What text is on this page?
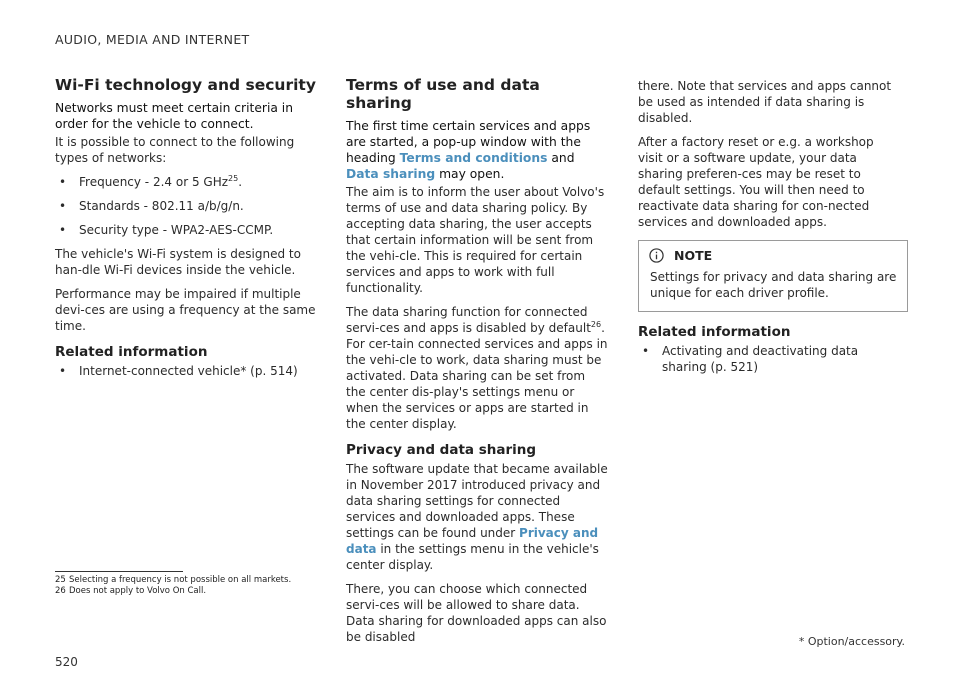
AUDIO, MEDIA AND INTERNET
Wi-Fi technology and security

Networks must meet certain criteria in order for the vehicle to connect.

It is possible to connect to the following types of networks:

• Frequency - 2.4 or 5 GHz$^{25}$.
• Standards - 802.11 a/b/g/n.
• Security type - WPA2-AES-CCMP.

The vehicle's Wi-Fi system is designed to han-dle Wi-Fi devices inside the vehicle.

Performance may be impaired if multiple devi-ces are using a frequency at the same time.

Related information
• Internet-connected vehicle* (p. 514)
Terms of use and data sharing

The first time certain services and apps are started, a pop-up window with the heading Terms and conditions and Data sharing may open.

The aim is to inform the user about Volvo's terms of use and data sharing policy. By accepting data sharing, the user accepts that certain information will be sent from the vehi-cle. This is required for certain services and apps to work with full functionality.

The data sharing function for connected servi-ces and apps is disabled by default$^{26}$. For cer-tain connected services and apps in the vehi-cle to work, data sharing must be activated. Data sharing can be set from the center dis-play's settings menu or when the services or apps are started in the center display.

Privacy and data sharing

The software update that became available in November 2017 introduced privacy and data sharing settings for connected services and downloaded apps. These settings can be found under Privacy and data in the settings menu in the vehicle's center display.

There, you can choose which connected servi-ces will be allowed to share data. Data sharing for downloaded apps can also be disabled

there. Note that services and apps cannot be used as intended if data sharing is disabled.

After a factory reset or e.g. a workshop visit or a software update, your data sharing preferen-ces may be reset to default settings. You will then need to reactivate data sharing for con-nected services and downloaded apps.

NOTE

Settings for privacy and data sharing are unique for each driver profile.

Related information
• Activating and deactivating data sharing (p. 521)
25 Selecting a frequency is not possible on all markets.
26 Does not apply to Volvo On Call.
* Option/accessory.
520
